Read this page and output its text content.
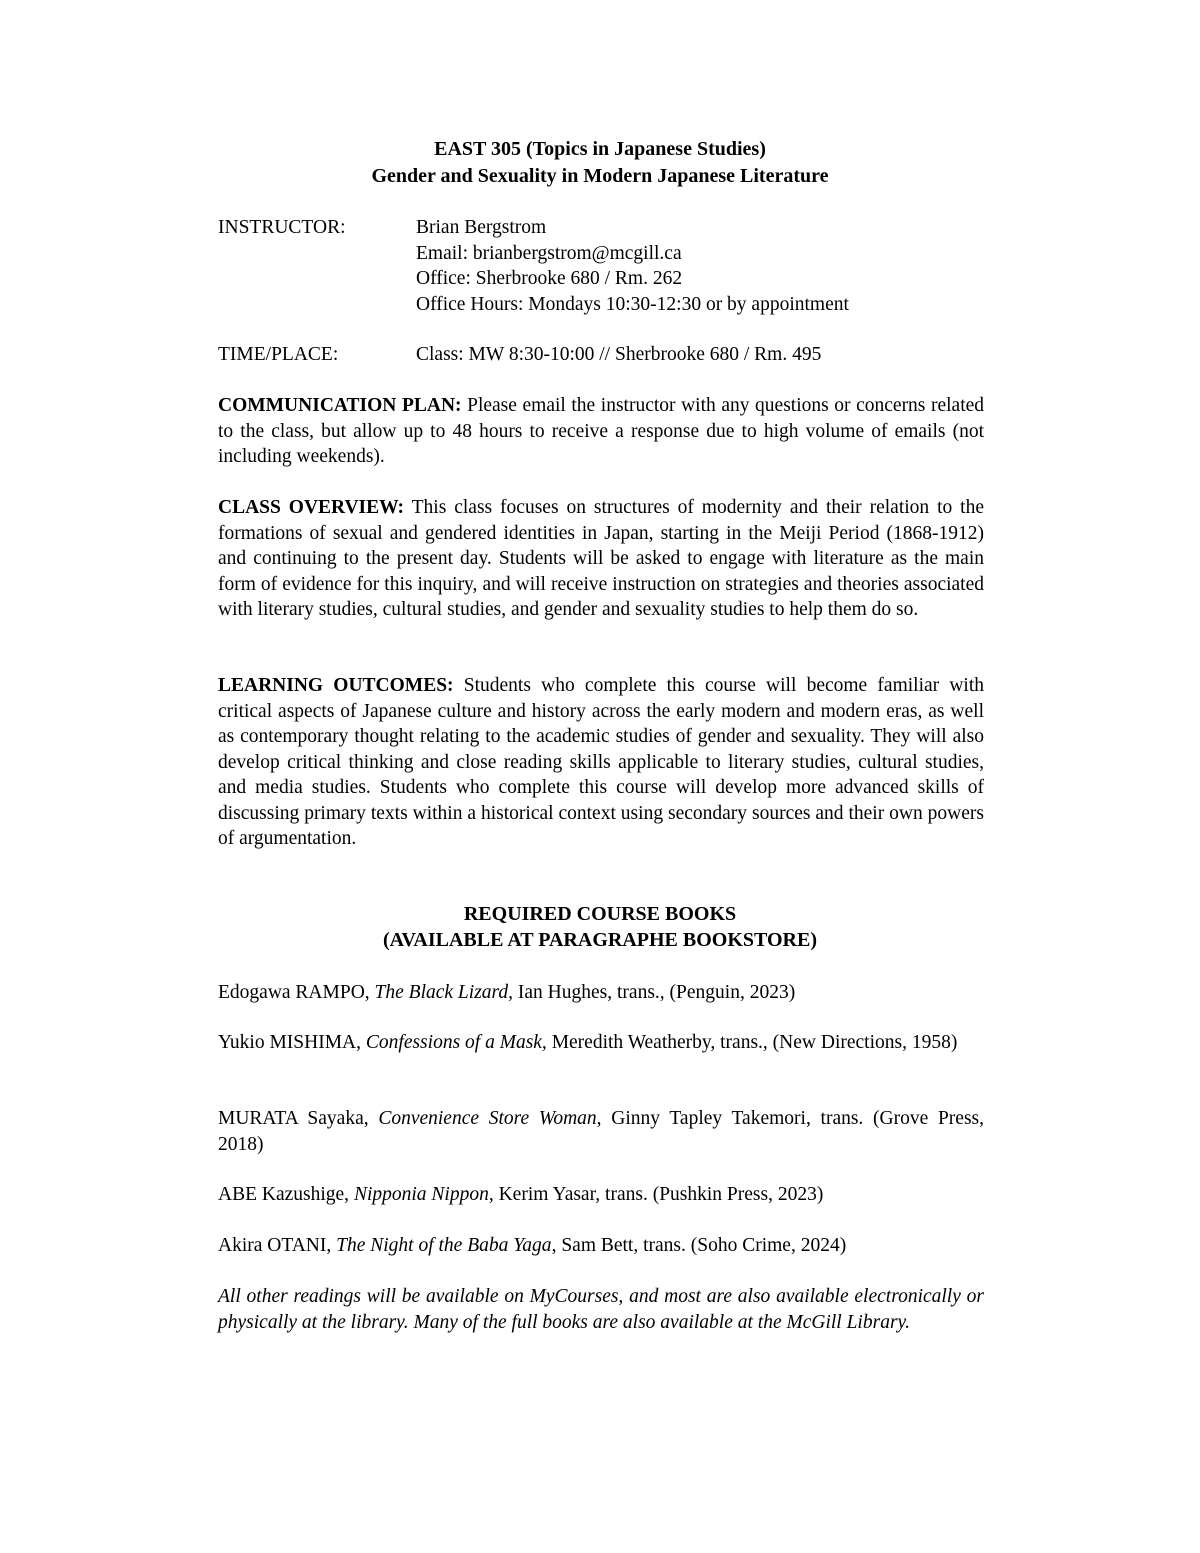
EAST 305 (Topics in Japanese Studies)
Gender and Sexuality in Modern Japanese Literature
INSTRUCTOR:	Brian Bergstrom
Email: brianbergstrom@mcgill.ca
Office: Sherbrooke 680 / Rm. 262
Office Hours: Mondays 10:30-12:30 or by appointment
TIME/PLACE:	Class: MW 8:30-10:00 // Sherbrooke 680 / Rm. 495
COMMUNICATION PLAN: Please email the instructor with any questions or concerns related to the class, but allow up to 48 hours to receive a response due to high volume of emails (not including weekends).
CLASS OVERVIEW: This class focuses on structures of modernity and their relation to the formations of sexual and gendered identities in Japan, starting in the Meiji Period (1868-1912) and continuing to the present day. Students will be asked to engage with literature as the main form of evidence for this inquiry, and will receive instruction on strategies and theories associated with literary studies, cultural studies, and gender and sexuality studies to help them do so.
LEARNING OUTCOMES: Students who complete this course will become familiar with critical aspects of Japanese culture and history across the early modern and modern eras, as well as contemporary thought relating to the academic studies of gender and sexuality. They will also develop critical thinking and close reading skills applicable to literary studies, cultural studies, and media studies. Students who complete this course will develop more advanced skills of discussing primary texts within a historical context using secondary sources and their own powers of argumentation.
REQUIRED COURSE BOOKS
(AVAILABLE AT PARAGRAPHE BOOKSTORE)
Edogawa RAMPO, The Black Lizard, Ian Hughes, trans., (Penguin, 2023)
Yukio MISHIMA, Confessions of a Mask, Meredith Weatherby, trans., (New Directions, 1958)
MURATA Sayaka, Convenience Store Woman, Ginny Tapley Takemori, trans. (Grove Press, 2018)
ABE Kazushige, Nipponia Nippon, Kerim Yasar, trans. (Pushkin Press, 2023)
Akira OTANI, The Night of the Baba Yaga, Sam Bett, trans. (Soho Crime, 2024)
All other readings will be available on MyCourses, and most are also available electronically or physically at the library. Many of the full books are also available at the McGill Library.
